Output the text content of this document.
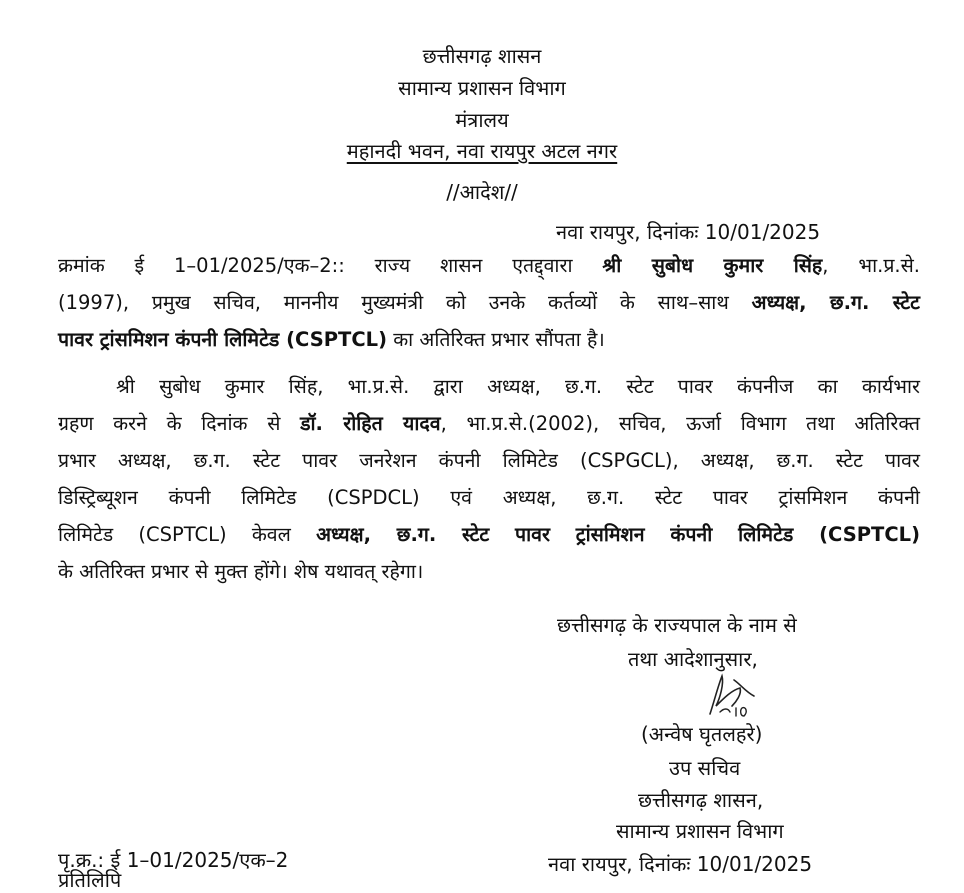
छत्तीसगढ़ शासन
सामान्य प्रशासन विभाग
मंत्रालय
महानदी भवन, नवा रायपुर अटल नगर
//आदेश//
नवा रायपुर, दिनांकः 10/01/2025
क्रमांक ई 1–01/2025/एक–2:: राज्य शासन एतद्द्वारा श्री सुबोध कुमार सिंह, भा.प्र.से.
(1997), प्रमुख सचिव, माननीय मुख्यमंत्री को उनके कर्तव्यों के साथ–साथ अध्यक्ष, छ.ग. स्टेट
पावर ट्रांसमिशन कंपनी लिमिटेड (CSPTCL) का अतिरिक्त प्रभार सौंपता है।
श्री सुबोध कुमार सिंह, भा.प्र.से. द्वारा अध्यक्ष, छ.ग. स्टेट पावर कंपनीज का कार्यभार
ग्रहण करने के दिनांक से डॉ. रोहित यादव, भा.प्र.से.(2002), सचिव, ऊर्जा विभाग तथा अतिरिक्त
प्रभार अध्यक्ष, छ.ग. स्टेट पावर जनरेशन कंपनी लिमिटेड (CSPGCL), अध्यक्ष, छ.ग. स्टेट पावर
डिस्ट्रिब्यूशन कंपनी लिमिटेड (CSPDCL) एवं अध्यक्ष, छ.ग. स्टेट पावर ट्रांसमिशन कंपनी
लिमिटेड (CSPTCL) केवल अध्यक्ष, छ.ग. स्टेट पावर ट्रांसमिशन कंपनी लिमिटेड (CSPTCL)
के अतिरिक्त प्रभार से मुक्त होंगे। शेष यथावत् रहेगा।
छत्तीसगढ़ के राज्यपाल के नाम से
तथा आदेशानुसार,
(अन्वेष घृतलहरे)
उप सचिव
छत्तीसगढ़ शासन,
सामान्य प्रशासन विभाग
पृ.क्र.: ई 1–01/2025/एक–2	नवा रायपुर, दिनांकः 10/01/2025
प्रतिलिपि
